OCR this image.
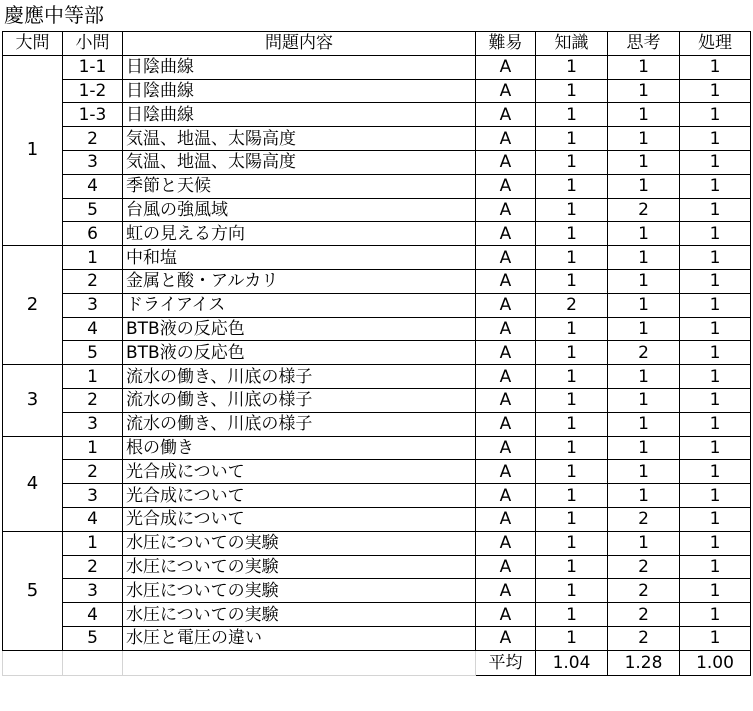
慶應中等部
大問	小問	問題内容	難易	知識	思考	処理
1	1-1	日陰曲線	A	1	1	1
	1-2	日陰曲線	A	1	1	1
	1-3	日陰曲線	A	1	1	1
	2	気温、地温、太陽高度	A	1	1	1
	3	気温、地温、太陽高度	A	1	1	1
	4	季節と天候	A	1	1	1
	5	台風の強風域	A	1	2	1
	6	虹の見える方向	A	1	1	1
2	1	中和塩	A	1	1	1
	2	金属と酸・アルカリ	A	1	1	1
	3	ドライアイス	A	2	1	1
	4	BTB液の反応色	A	1	1	1
	5	BTB液の反応色	A	1	2	1
3	1	流水の働き、川底の様子	A	1	1	1
	2	流水の働き、川底の様子	A	1	1	1
	3	流水の働き、川底の様子	A	1	1	1
4	1	根の働き	A	1	1	1
	2	光合成について	A	1	1	1
	3	光合成について	A	1	1	1
	4	光合成について	A	1	2	1
5	1	水圧についての実験	A	1	1	1
	2	水圧についての実験	A	1	2	1
	3	水圧についての実験	A	1	2	1
	4	水圧についての実験	A	1	2	1
	5	水圧と電圧の違い	A	1	2	1
			平均	1.04	1.28	1.00
